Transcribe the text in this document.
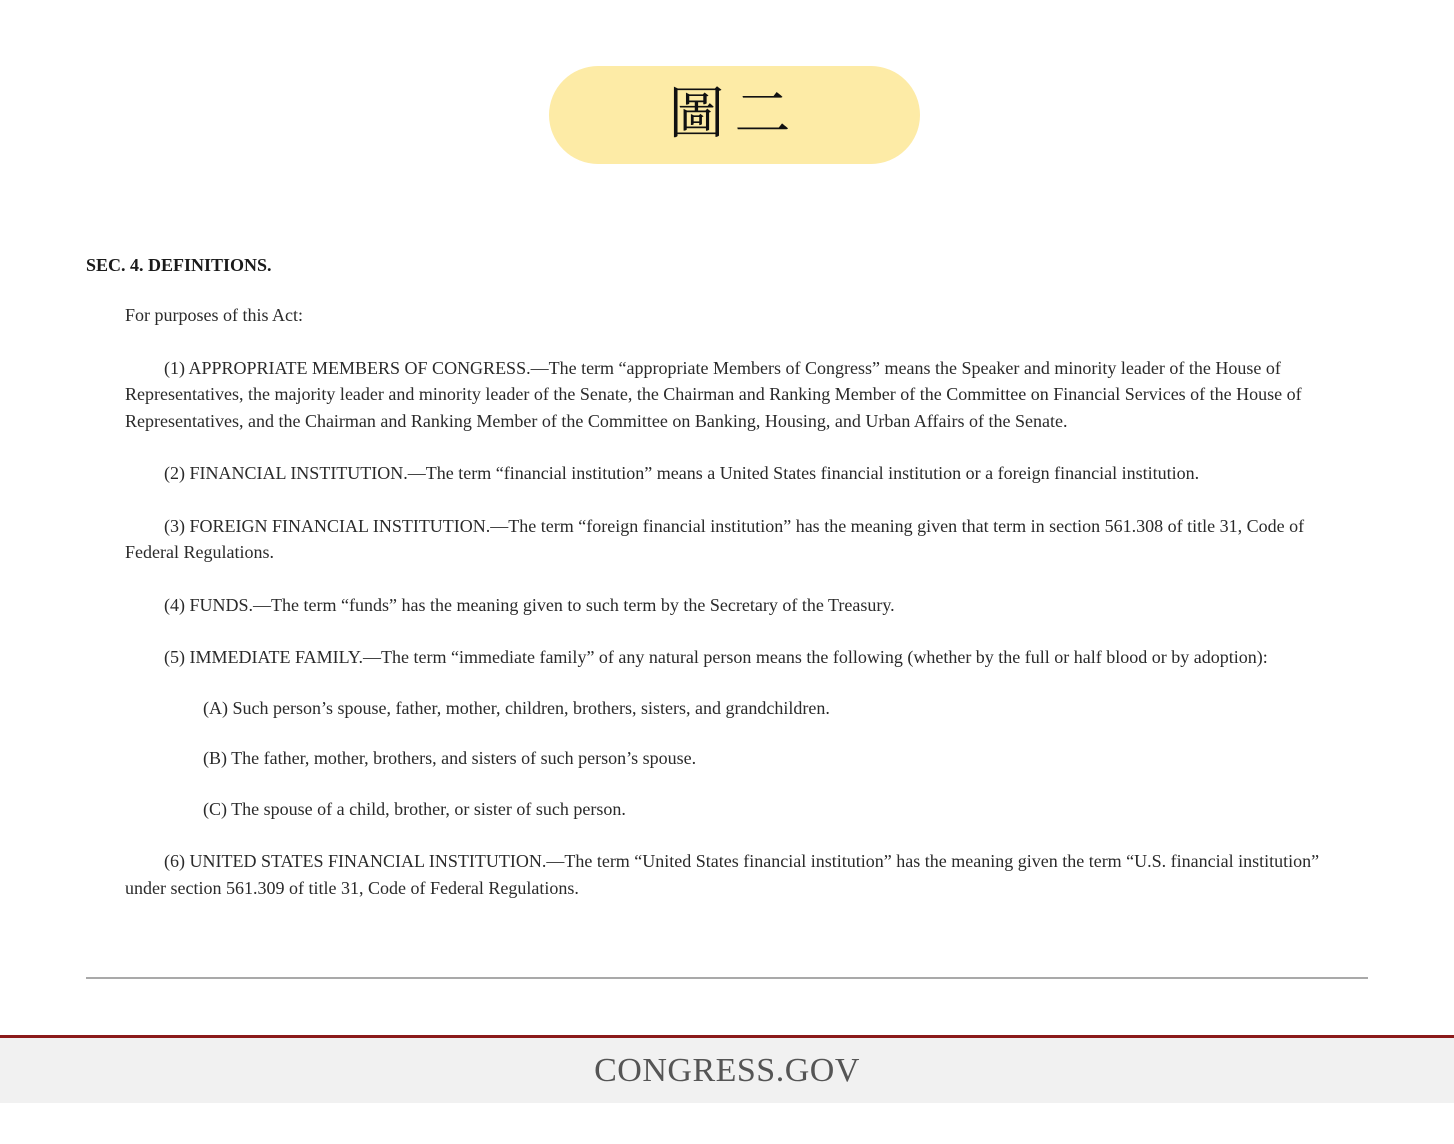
圖二

SEC. 4. DEFINITIONS.

For purposes of this Act:

(1) APPROPRIATE MEMBERS OF CONGRESS.—The term “appropriate Members of Congress” means the Speaker and minority leader of the House of Representatives, the majority leader and minority leader of the Senate, the Chairman and Ranking Member of the Committee on Financial Services of the House of Representatives, and the Chairman and Ranking Member of the Committee on Banking, Housing, and Urban Affairs of the Senate.

(2) FINANCIAL INSTITUTION.—The term “financial institution” means a United States financial institution or a foreign financial institution.

(3) FOREIGN FINANCIAL INSTITUTION.—The term “foreign financial institution” has the meaning given that term in section 561.308 of title 31, Code of Federal Regulations.

(4) FUNDS.—The term “funds” has the meaning given to such term by the Secretary of the Treasury.

(5) IMMEDIATE FAMILY.—The term “immediate family” of any natural person means the following (whether by the full or half blood or by adoption):

(A) Such person’s spouse, father, mother, children, brothers, sisters, and grandchildren.

(B) The father, mother, brothers, and sisters of such person’s spouse.

(C) The spouse of a child, brother, or sister of such person.

(6) UNITED STATES FINANCIAL INSTITUTION.—The term “United States financial institution” has the meaning given the term “U.S. financial institution” under section 561.309 of title 31, Code of Federal Regulations.

CONGRESS.GOV
